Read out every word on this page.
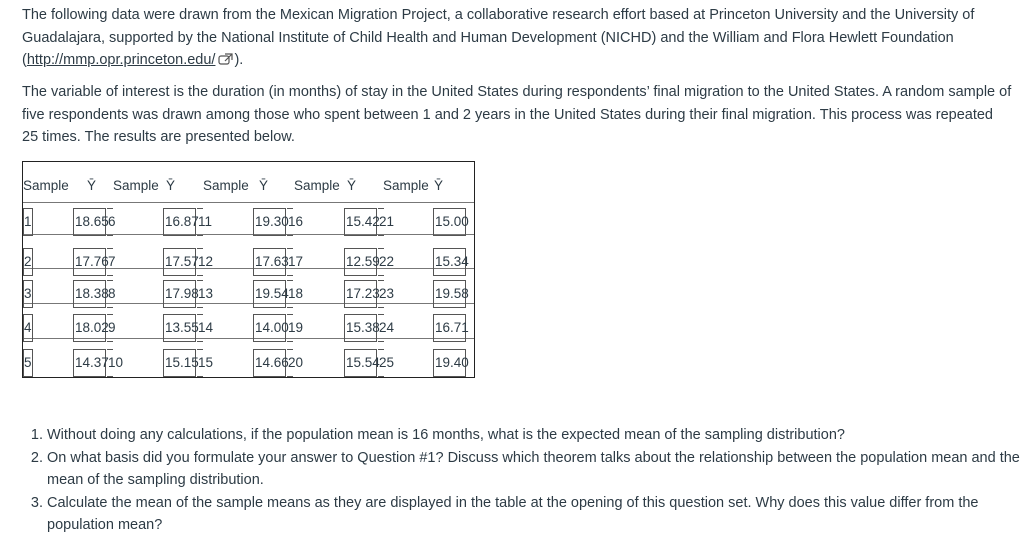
The following data were drawn from the Mexican Migration Project, a collaborative research effort based at Princeton University and the University of Guadalajara, supported by the National Institute of Child Health and Human Development (NICHD) and the William and Flora Hewlett Foundation (http://mmp.opr.princeton.edu/ ).

The variable of interest is the duration (in months) of stay in the United States during respondents’ final migration to the United States. A random sample of five respondents was drawn among those who spent between 1 and 2 years in the United States during their final migration. This process was repeated 25 times. The results are presented below.

Sample Ȳ Sample Ȳ Sample Ȳ Sample Ȳ Sample Ȳ
1	18.65 6	16.87 11	19.30 16	15.42 21	15.00
2	17.76 7	17.57 12	17.63 17	12.59 22	15.34
3	18.38 8	17.98 13	19.54 18	17.23 23	19.58
4	18.02 9	13.55 14	14.00 19	15.38 24	16.71
5	14.37 10	15.15 15	14.66 20	15.54 25	19.40
1. Without doing any calculations, if the population mean is 16 months, what is the expected mean of the sampling distribution?
2. On what basis did you formulate your answer to Question #1? Discuss which theorem talks about the relationship between the population mean and the mean of the sampling distribution.
3. Calculate the mean of the sample means as they are displayed in the table at the opening of this question set. Why does this value differ from the population mean?
